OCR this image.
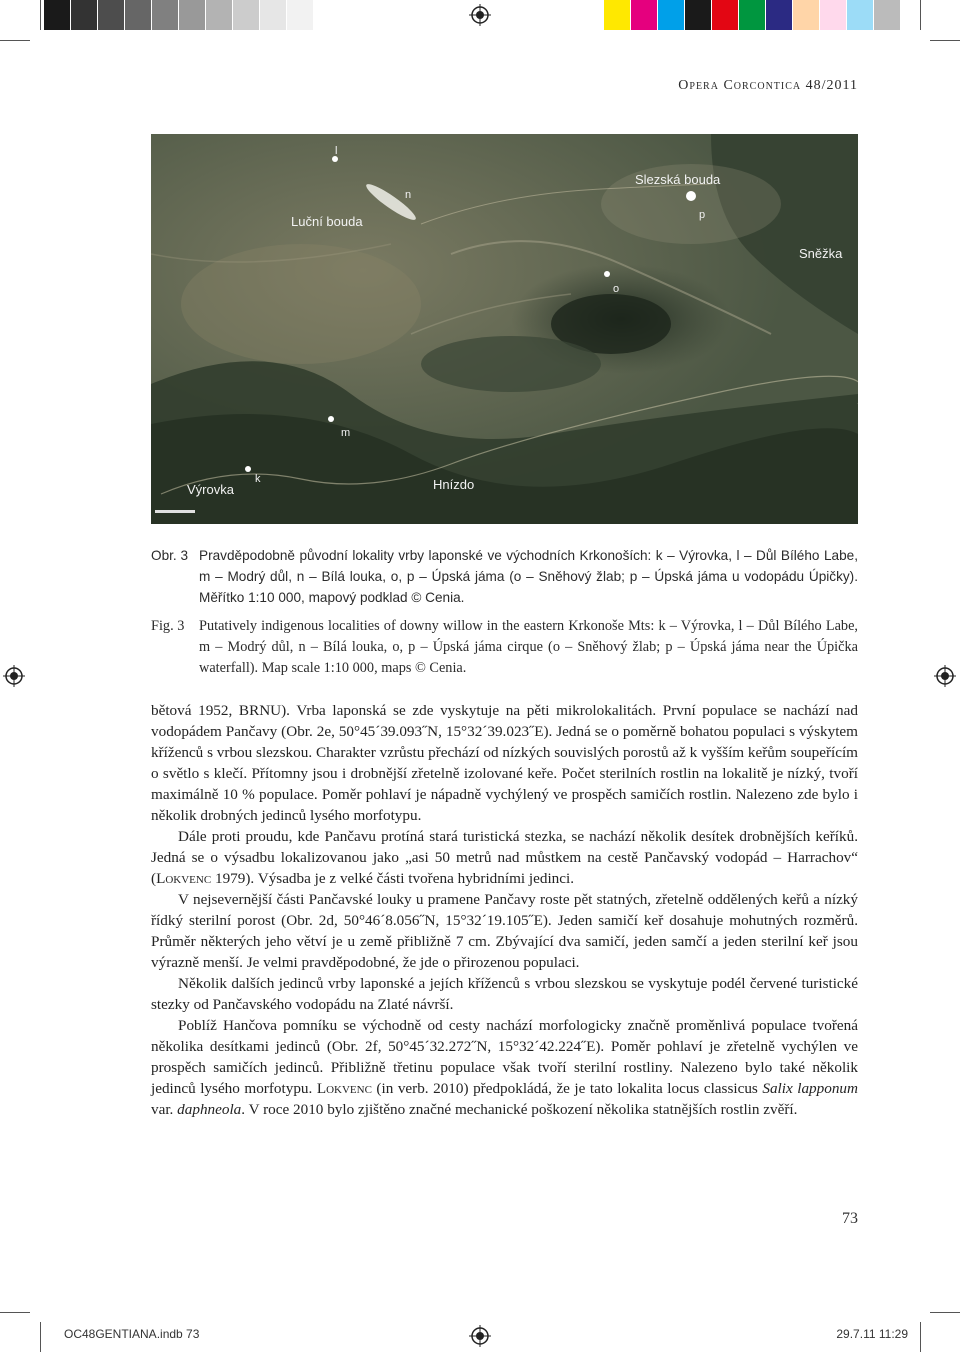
Opera Corcontica 48/2011
Luční bouda
Slezská bouda
Sněžka
Výrovka	Hnízdo
l
n
p
o
m
k
Obr. 3 Pravděpodobně původní lokality vrby laponské ve východních Krkonoších: k – Výrovka, l – Důl Bílého Labe, m – Modrý důl, n – Bílá louka, o, p – Úpská jáma (o – Sněhový žlab; p – Úpská jáma u vodopádu Úpičky). Měřítko 1:10 000, mapový podklad © Cenia.
Fig. 3 Putatively indigenous localities of downy willow in the eastern Krkonoše Mts: k – Výrovka, l – Důl Bílého Labe, m – Modrý důl, n – Bílá louka, o, p – Úpská jáma cirque (o – Sněhový žlab; p – Úpská jáma near the Úpička waterfall). Map scale 1:10 000, maps © Cenia.

bětová 1952, BRNU). Vrba laponská se zde vyskytuje na pěti mikrolokalitách. První populace se nachází nad vodopádem Pančavy (Obr. 2e, 50°45´39.093˝N, 15°32´39.023˝E). Jedná se o poměrně bohatou populaci s výskytem kříženců s vrbou slezskou. Charakter vzrůstu přechází od nízkých souvislých porostů až k vyšším keřům soupeřícím o světlo s klečí. Přítomny jsou i drobnější zřetelně izolované keře. Počet sterilních rostlin na lokalitě je nízký, tvoří maximálně 10 % populace. Poměr pohlaví je nápadně vychýlený ve prospěch samičích rostlin. Nalezeno zde bylo i několik drobných jedinců lysého morfotypu.

Dále proti proudu, kde Pančavu protíná stará turistická stezka, se nachází několik desítek drobnějších keříků. Jedná se o výsadbu lokalizovanou jako „asi 50 metrů nad můstkem na cestě Pančavský vodopád – Harrachov“ (Lokvenc 1979). Výsadba je z velké části tvořena hybridními jedinci.

V nejsevernější části Pančavské louky u pramene Pančavy roste pět statných, zřetelně oddělených keřů a nízký řídký sterilní porost (Obr. 2d, 50°46´8.056˝N, 15°32´19.105˝E). Jeden samičí keř dosahuje mohutných rozměrů. Průměr některých jeho větví je u země přibližně 7 cm. Zbývající dva samičí, jeden samčí a jeden sterilní keř jsou výrazně menší. Je velmi pravděpodobné, že jde o přirozenou populaci.

Několik dalších jedinců vrby laponské a jejích kříženců s vrbou slezskou se vyskytuje podél červené turistické stezky od Pančavského vodopádu na Zlaté návrší.

Poblíž Hančova pomníku se východně od cesty nachází morfologicky značně proměnlivá populace tvořená několika desítkami jedinců (Obr. 2f, 50°45´32.272˝N, 15°32´42.224˝E). Poměr pohlaví je zřetelně vychýlen ve prospěch samičích jedinců. Přibližně třetinu populace však tvoří sterilní rostliny. Nalezeno bylo také několik jedinců lysého morfotypu. Lokvenc (in verb. 2010) předpokládá, že je tato lokalita locus classicus Salix lapponum var. daphneola. V roce 2010 bylo zjištěno značné mechanické poškození několika statnějších rostlin zvěří.

73
OC48GENTIANA.indb 73	29.7.11 11:29
